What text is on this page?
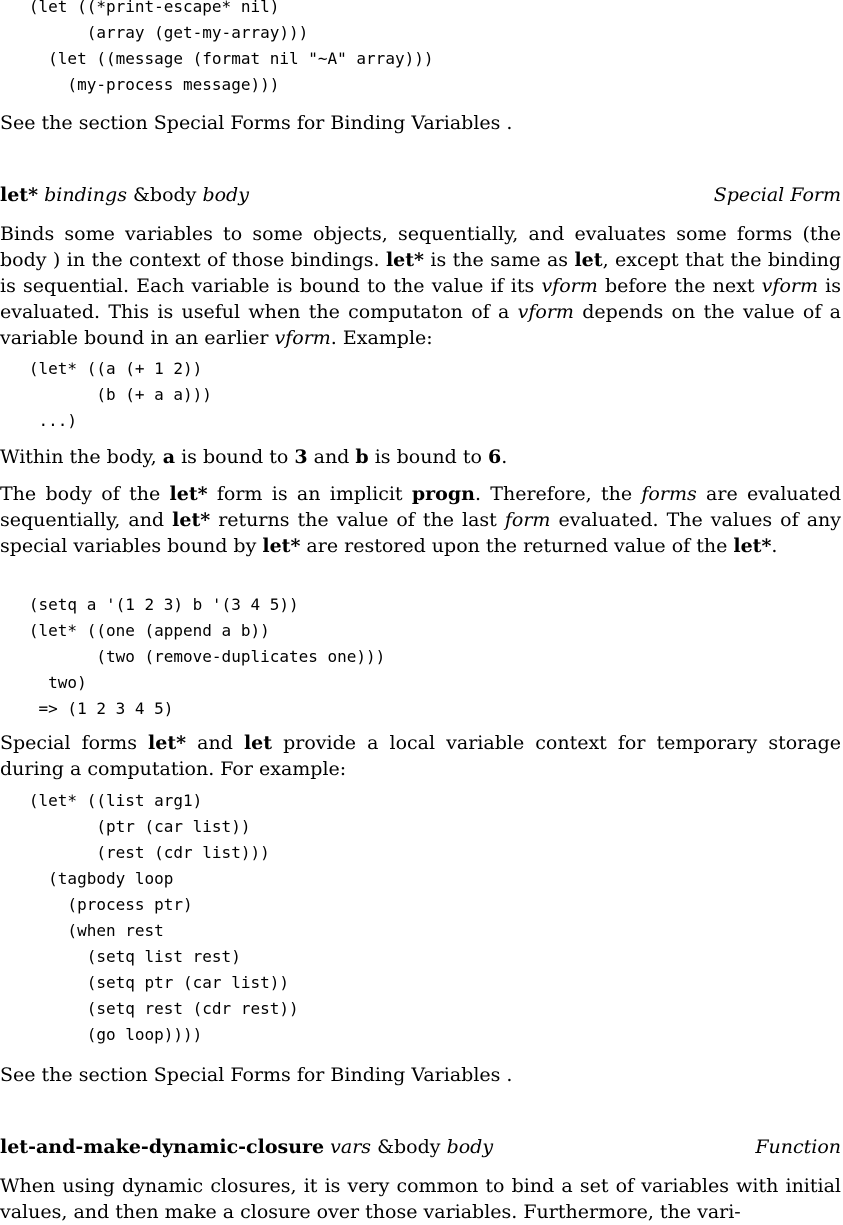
(let ((*print-escape* nil)
(array (get-my-array)))
(let ((message (format nil "~A" array)))
(my-process message)))

See the section Special Forms for Binding Variables .

let* bindings &body body	Special Form

Binds some variables to some objects, sequentially, and evaluates some forms (the body ) in the context of those bindings. let* is the same as let, except that the binding is sequential. Each variable is bound to the value if its vform before the next vform is evaluated. This is useful when the computaton of a vform depends on the value of a variable bound in an earlier vform. Example:

(let* ((a (+ 1 2))
(b (+ a a)))
...)

Within the body, a is bound to 3 and b is bound to 6.

The body of the let* form is an implicit progn. Therefore, the forms are evaluated sequentially, and let* returns the value of the last form evaluated. The values of any special variables bound by let* are restored upon the returned value of the let*.

(setq a '(1 2 3) b '(3 4 5))
(let* ((one (append a b))
(two (remove-duplicates one)))
two)
=> (1 2 3 4 5)

Special forms let* and let provide a local variable context for temporary storage during a computation. For example:

(let* ((list arg1)
(ptr (car list))
(rest (cdr list)))
(tagbody loop
(process ptr)
(when rest
(setq list rest)
(setq ptr (car list))
(setq rest (cdr rest))
(go loop))))

See the section Special Forms for Binding Variables .

let-and-make-dynamic-closure vars &body body	Function

When using dynamic closures, it is very common to bind a set of variables with initial values, and then make a closure over those variables. Furthermore, the vari-
